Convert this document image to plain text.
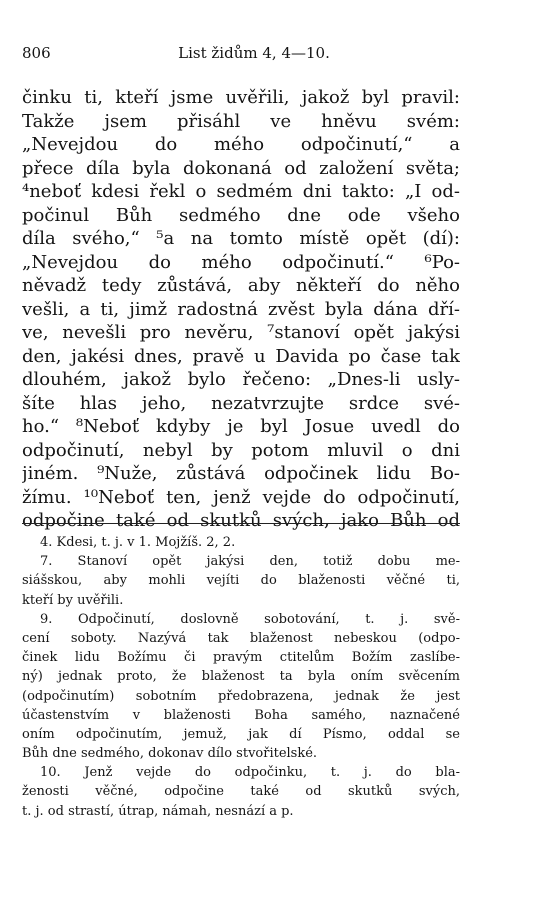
806	List židům 4, 4—10.
činku ti, kteří jsme uvěřili, jakož byl pravil:
Takže jsem přisáhl ve hněvu svém:
„Nevejdou do mého odpočinutí,“ a
přece díla byla dokonaná od založení světa;
⁴neboť kdesi řekl o sedmém dni takto: „I od-
počinul Bůh sedmého dne ode všeho
díla svého,“ ⁵a na tomto místě opět (dí):
„Nevejdou do mého odpočinutí.“ ⁶Po-
něvadž tedy zůstává, aby někteří do něho
vešli, a ti, jimž radostná zvěst byla dána dří-
ve, nevešli pro nevěru, ⁷stanoví opět jakýsi
den, jakési dnes, pravě u Davida po čase tak
dlouhém, jakož bylo řečeno: „Dnes-li usly-
šíte hlas jeho, nezatvrzujte srdce své-
ho.“ ⁸Neboť kdyby je byl Josue uvedl do
odpočinutí, nebyl by potom mluvil o dni
jiném. ⁹Nuže, zůstává odpočinek lidu Bo-
žímu. ¹⁰Neboť ten, jenž vejde do odpočinutí,
odpočine také od skutků svých, jako Bůh od
4. Kdesi, t. j. v 1. Mojžíš. 2, 2.
7. Stanoví opět jakýsi den, totiž dobu me-
siášskou, aby mohli vejíti do blaženosti věčné ti,
kteří by uvěřili.
9. Odpočinutí, doslovně sobotování, t. j. svě-
cení soboty. Nazývá tak blaženost nebeskou (odpo-
činek lidu Božímu či pravým ctitelům Božím zaslíbe-
ný) jednak proto, že blaženost ta byla oním svěcením
(odpočinutím) sobotním předobrazena, jednak že jest
účastenstvím v blaženosti Boha samého, naznačené
oním odpočinutím, jemuž, jak dí Písmo, oddal se
Bůh dne sedmého, dokonav dílo stvořitelské.
10. Jenž vejde do odpočinku, t. j. do bla-
ženosti věčné, odpočine také od skutků svých,
t. j. od strastí, útrap, námah, nesnází a p.
